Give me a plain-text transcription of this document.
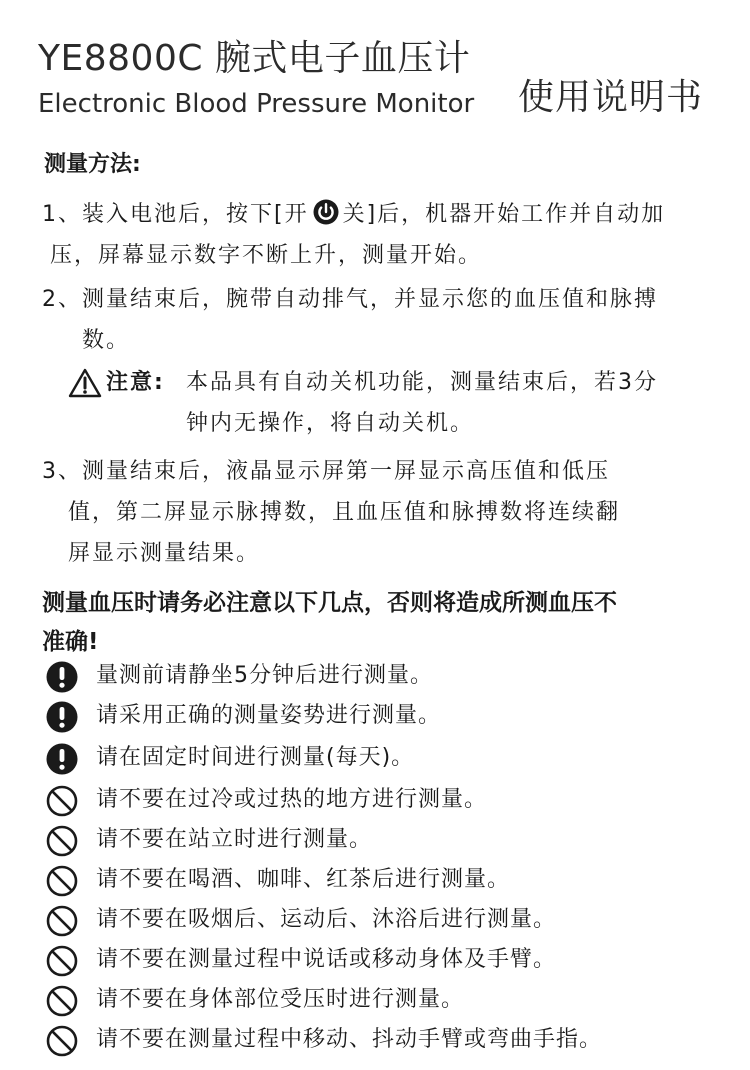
YE8800C 腕式电子血压计
Electronic Blood Pressure Monitor 使用说明书
测量方法:
1、装入电池后，按下[开 关]后，机器开始工作并自动加
压，屏幕显示数字不断上升，测量开始。
2、测量结束后，腕带自动排气，并显示您的血压值和脉搏
数。
注意: 本品具有自动关机功能，测量结束后，若3分
钟内无操作，将自动关机。
3、测量结束后，液晶显示屏第一屏显示高压值和低压
值，第二屏显示脉搏数，且血压值和脉搏数将连续翻
屏显示测量结果。
测量血压时请务必注意以下几点，否则将造成所测血压不
准确!
量测前请静坐5分钟后进行测量。
请采用正确的测量姿势进行测量。
请在固定时间进行测量(每天)。
请不要在过冷或过热的地方进行测量。
请不要在站立时进行测量。
请不要在喝酒、咖啡、红茶后进行测量。
请不要在吸烟后、运动后、沐浴后进行测量。
请不要在测量过程中说话或移动身体及手臂。
请不要在身体部位受压时进行测量。
请不要在测量过程中移动、抖动手臂或弯曲手指。
